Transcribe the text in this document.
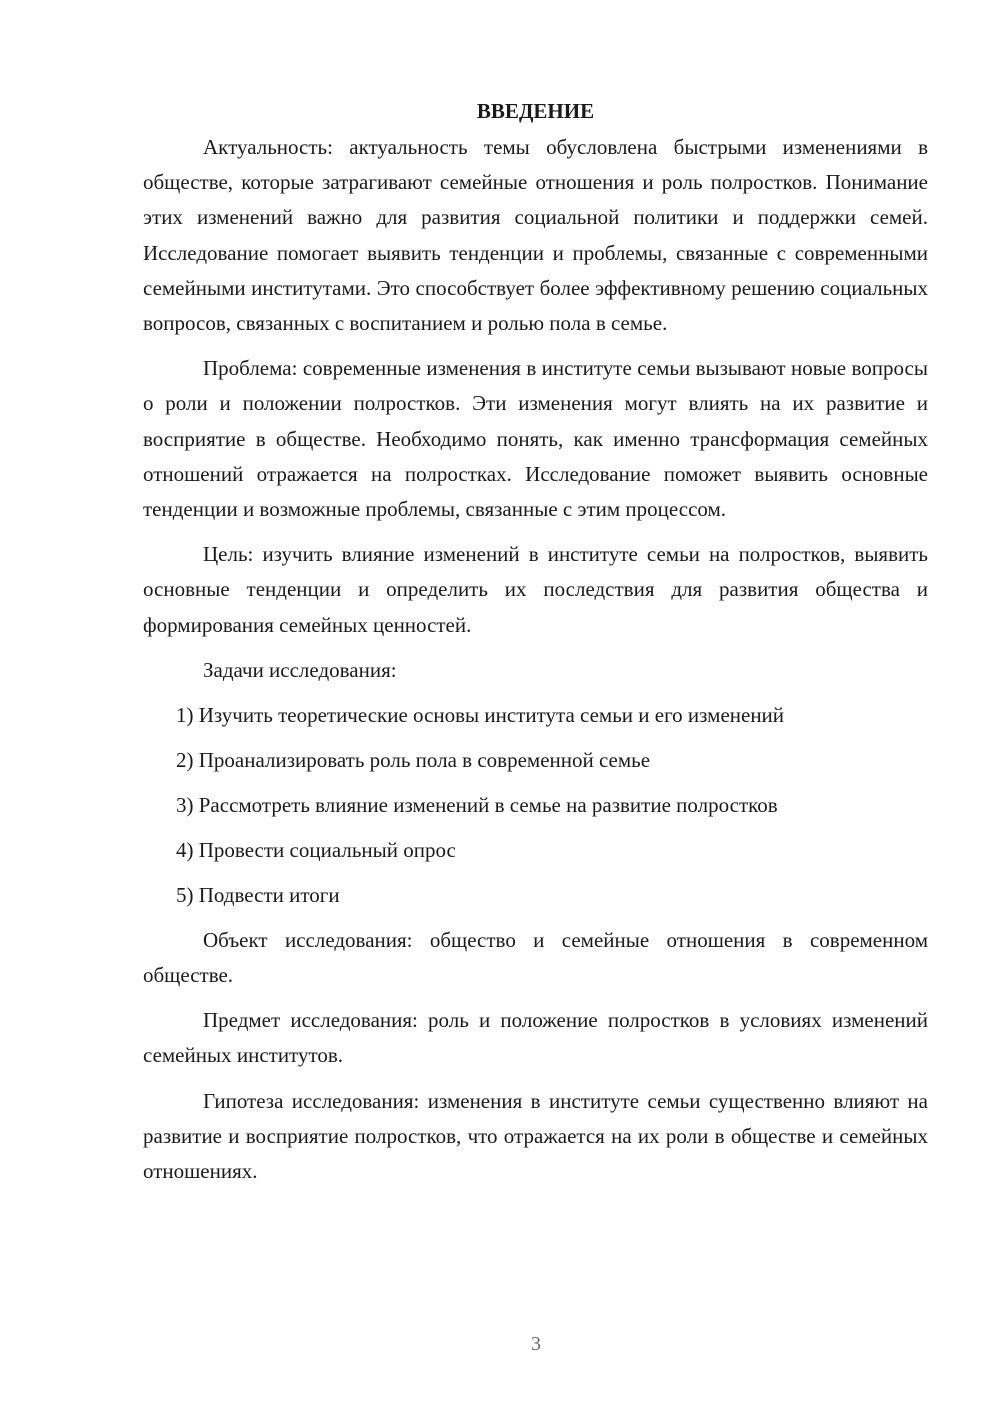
ВВЕДЕНИЕ

Актуальность: актуальность темы обусловлена быстрыми изменениями в обществе, которые затрагивают семейные отношения и роль полростков. Понимание этих изменений важно для развития социальной политики и поддержки семей. Исследование помогает выявить тенденции и проблемы, связанные с современными семейными институтами. Это способствует более эффективному решению социальных вопросов, связанных с воспитанием и ролью пола в семье.

Проблема: современные изменения в институте семьи вызывают новые вопросы о роли и положении полростков. Эти изменения могут влиять на их развитие и восприятие в обществе. Необходимо понять, как именно трансформация семейных отношений отражается на полростках. Исследование поможет выявить основные тенденции и возможные проблемы, связанные с этим процессом.

Цель: изучить влияние изменений в институте семьи на полростков, выявить основные тенденции и определить их последствия для развития общества и формирования семейных ценностей.

Задачи исследования:

1) Изучить теоретические основы института семьи и его изменений
2) Проанализировать роль пола в современной семье
3) Рассмотреть влияние изменений в семье на развитие полростков
4) Провести социальный опрос
5) Подвести итоги

Объект исследования: общество и семейные отношения в современном обществе.

Предмет исследования: роль и положение полростков в условиях изменений семейных институтов.

Гипотеза исследования: изменения в институте семьи существенно влияют на развитие и восприятие полростков, что отражается на их роли в обществе и семейных отношениях.

3
